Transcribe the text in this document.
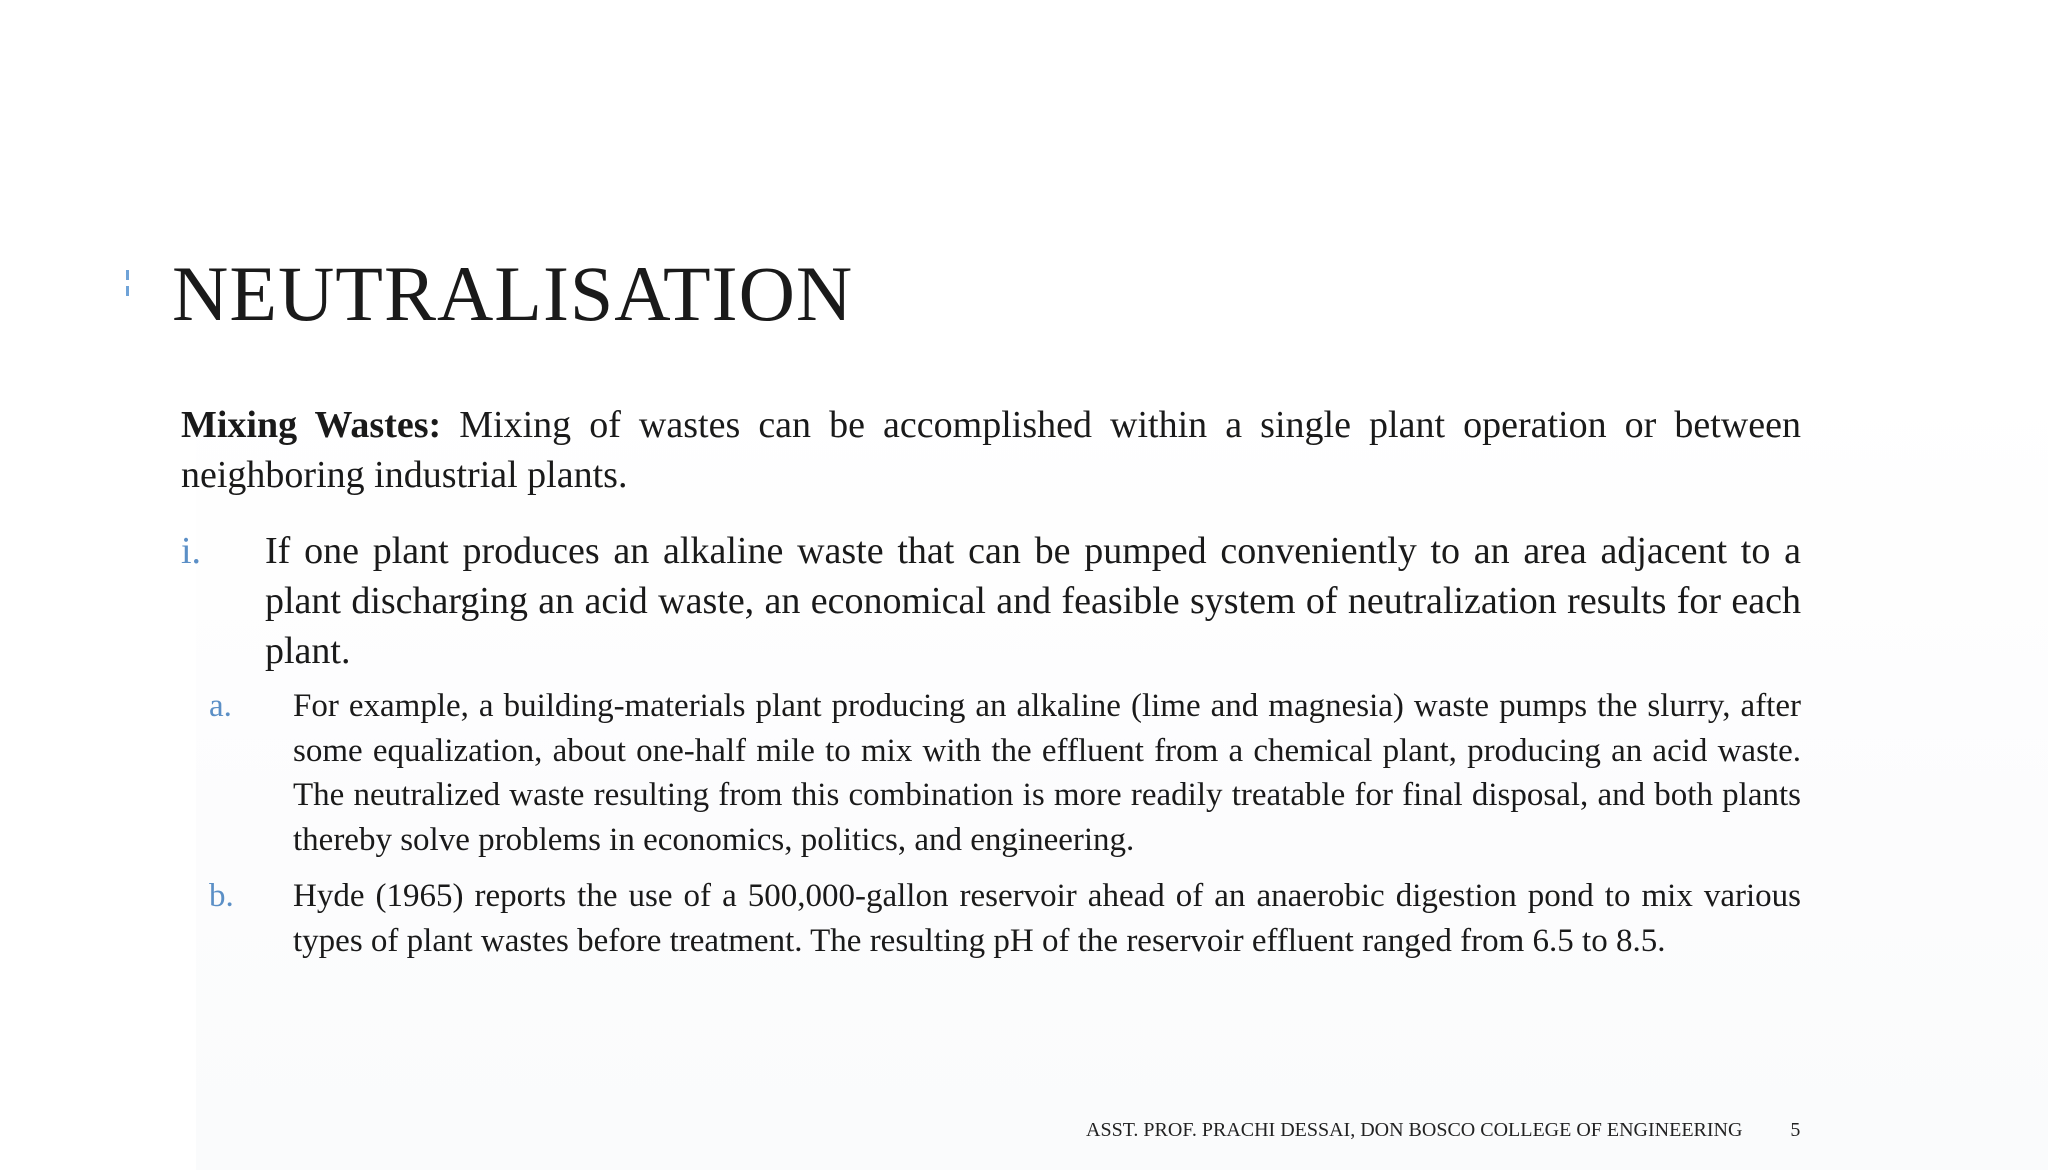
NEUTRALISATION

Mixing Wastes: Mixing of wastes can be accomplished within a single plant operation or between neighboring industrial plants.

i.	If one plant produces an alkaline waste that can be pumped conveniently to an area adjacent to a plant discharging an acid waste, an economical and feasible system of neutralization results for each plant.
a.	For example, a building-materials plant producing an alkaline (lime and magnesia) waste pumps the slurry, after some equalization, about one-half mile to mix with the effluent from a chemical plant, producing an acid waste. The neutralized waste resulting from this combination is more readily treatable for final disposal, and both plants thereby solve problems in economics, politics, and engineering.
b.	Hyde (1965) reports the use of a 500,000-gallon reservoir ahead of an anaerobic digestion pond to mix various types of plant wastes before treatment. The resulting pH of the reservoir effluent ranged from 6.5 to 8.5.
ASST. PROF. PRACHI DESSAI, DON BOSCO COLLEGE OF ENGINEERING 5
